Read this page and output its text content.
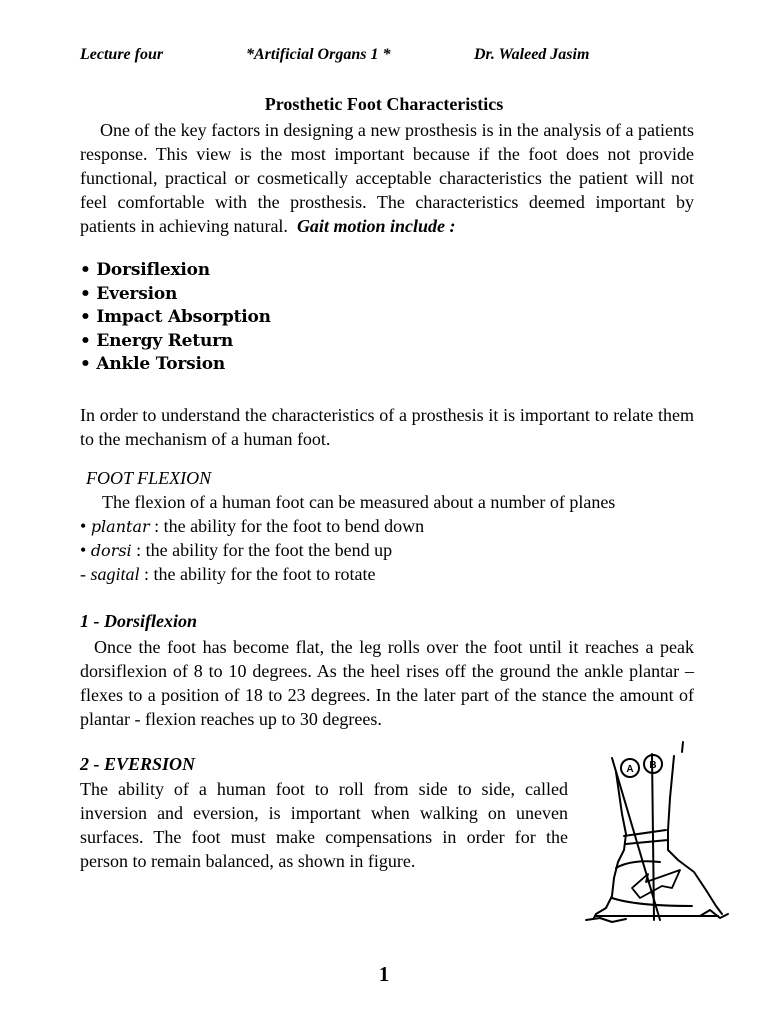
Lecture four	*Artificial Organs 1 *	Dr. Waleed Jasim
Prosthetic Foot Characteristics

One of the key factors in designing a new prosthesis is in the analysis of a patients response. This view is the most important because if the foot does not provide functional, practical or cosmetically acceptable characteristics the patient will not feel comfortable with the prosthesis. The characteristics deemed important by patients in achieving natural. Gait motion include :

• Dorsiflexion
• Eversion
• Impact Absorption
• Energy Return
• Ankle Torsion

In order to understand the characteristics of a prosthesis it is important to relate them to the mechanism of a human foot.

FOOT FLEXION
The flexion of a human foot can be measured about a number of planes
• plantar : the ability for the foot to bend down
• dorsi : the ability for the foot the bend up
- sagital : the ability for the foot to rotate
1 - Dorsiflexion

Once the foot has become flat, the leg rolls over the foot until it reaches a peak dorsiflexion of 8 to 10 degrees. As the heel rises off the ground the ankle plantar – flexes to a position of 18 to 23 degrees. In the later part of the stance the amount of plantar - flexion reaches up to 30 degrees.

2 - EVERSION

The ability of a human foot to roll from side to side, called inversion and eversion, is important when walking on uneven surfaces. The foot must make compensations in order for the person to remain balanced, as shown in figure.

A B
1
